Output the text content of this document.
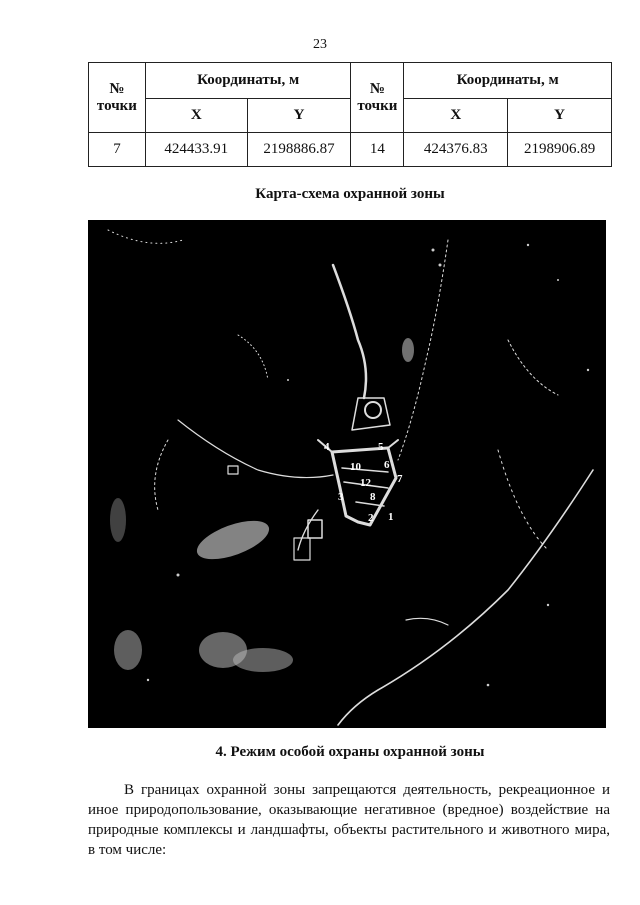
23
№ точки	Координаты, м		№ точки	Координаты, м	
	X	Y		X	Y
7	424433.91	2198886.87	14	424376.83	2198906.89
Карта-схема охранной зоны
1
2
3
4	5
6
7
8
10
12
4. Режим особой охраны охранной зоны
В границах охранной зоны запрещаются деятельность, рекреационное и иное природопользование, оказывающие негативное (вредное) воздействие на природные комплексы и ландшафты, объекты растительного и животного мира, в том числе:
